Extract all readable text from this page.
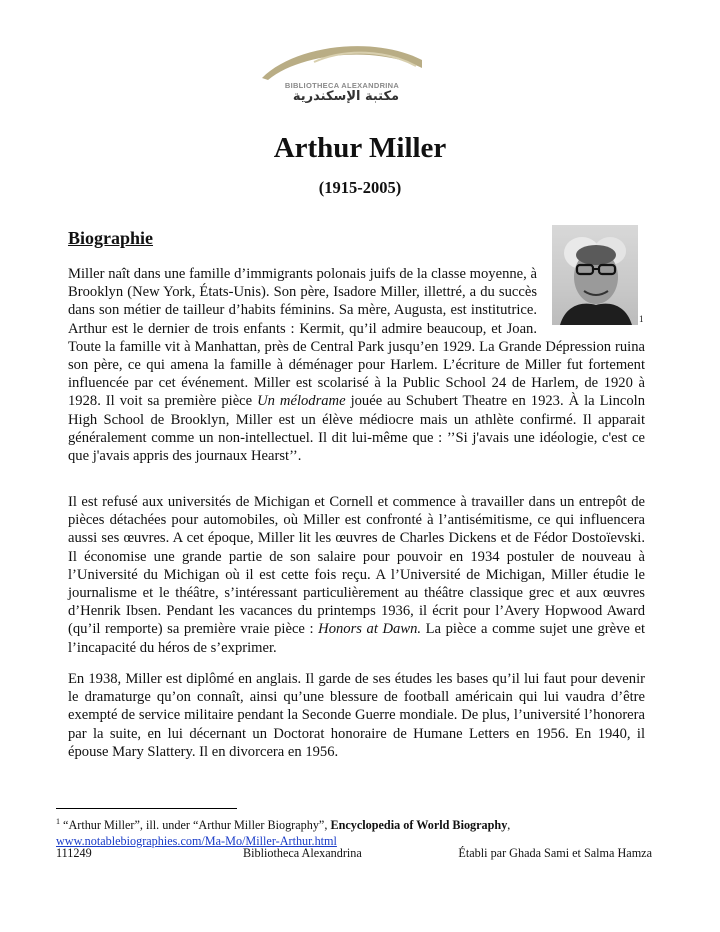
BIBLIOTHECA ALEXANDRINA
مكتبة الإسكندرية
Arthur Miller
(1915-2005)
Biographie
1

Miller naît dans une famille d’immigrants polonais juifs de la classe moyenne, à Brooklyn (New York, États-Unis). Son père, Isadore Miller, illettré, a du succès dans son métier de tailleur d’habits féminins. Sa mère, Augusta, est institutrice. Arthur est le dernier de trois enfants : Kermit, qu’il admire beaucoup, et Joan. Toute la famille vit à Manhattan, près de Central Park jusqu’en 1929. La Grande Dépression ruina son père, ce qui amena la famille à déménager pour Harlem. L’écriture de Miller fut fortement influencée par cet événement. Miller est scolarisé à la Public School 24 de Harlem, de 1920 à 1928. Il voit sa première pièce Un mélodrame jouée au Schubert Theatre en 1923. À la Lincoln High School de Brooklyn, Miller est un élève médiocre mais un athlète confirmé. Il apparait généralement comme un non-intellectuel. Il dit lui-même que : ’’Si j'avais une idéologie, c'est ce que j'avais appris des journaux Hearst’’.

Il est refusé aux universités de Michigan et Cornell et commence à travailler dans un entrepôt de pièces détachées pour automobiles, où Miller est confronté à l’antisémitisme, ce qui influencera aussi ses œuvres. A cet époque, Miller lit les œuvres de Charles Dickens et de Fédor Dostoïevski. Il économise une grande partie de son salaire pour pouvoir en 1934 postuler de nouveau à l’Université du Michigan où il est cette fois reçu. A l’Université de Michigan, Miller étudie le journalisme et le théâtre, s’intéressant particulièrement au théâtre classique grec et aux œuvres d’Henrik Ibsen. Pendant les vacances du printemps 1936, il écrit pour l’Avery Hopwood Award (qu’il remporte) sa première vraie pièce : Honors at Dawn. La pièce a comme sujet une grève et l’incapacité du héros de s’exprimer.

En 1938, Miller est diplômé en anglais. Il garde de ses études les bases qu’il lui faut pour devenir le dramaturge qu’on connaît, ainsi qu’une blessure de football américain qui lui vaudra d’être exempté de service militaire pendant la Seconde Guerre mondiale. De plus, l’université l’honorera par la suite, en lui décernant un Doctorat honoraire de Humane Letters en 1956. En 1940, il épouse Mary Slattery. Il en divorcera en 1956.

$^1$ “Arthur Miller”, ill. under “Arthur Miller Biography”, Encyclopedia of World Biography,
www.notablebiographies.com/Ma-Mo/Miller-Arthur.html
111249	Bibliotheca Alexandrina	Établi par Ghada Sami et Salma Hamza
